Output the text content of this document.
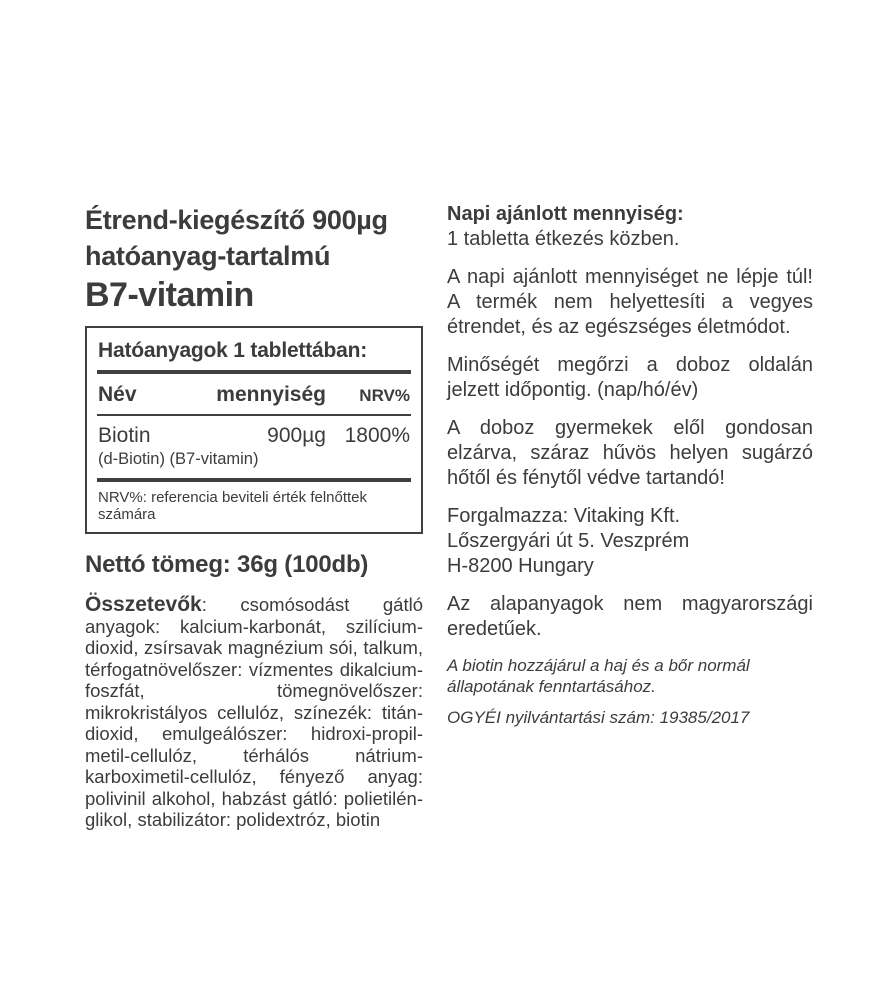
Étrend-kiegészítő 900µg
hatóanyag-tartalmú
B7-vitamin
Hatóanyagok 1 tablettában:
Név	mennyiség	NRV%
Biotin	900µg 1800%
(d-Biotin) (B7-vitamin)
NRV%: referencia beviteli érték felnőttek számára
Nettó tömeg: 36g (100db)

Összetevők: csomósodást gátló anyagok: kalcium-karbonát, szilícium-dioxid, zsírsavak magnézium sói, talkum, térfogatnövelőszer: vízmentes dikalcium-foszfát, tömegnövelőszer: mikrokristályos cellulóz, színezék: titán-dioxid, emulgeálószer: hidroxi-propil-metil-cellulóz, térhálós nátrium-karboximetil-cellulóz, fényező anyag: polivinil alkohol, habzást gátló: polietilén-glikol, stabilizátor: polidextróz, biotin

Napi ajánlott mennyiség:
1 tabletta étkezés közben.

A napi ajánlott mennyiséget ne lépje túl! A termék nem helyettesíti a vegyes étrendet, és az egészséges életmódot.

Minőségét megőrzi a doboz oldalán jelzett időpontig. (nap/hó/év)

A doboz gyermekek elől gondosan elzárva, száraz hűvös helyen sugárzó hőtől és fénytől védve tartandó!

Forgalmazza: Vitaking Kft.
Lőszergyári út 5. Veszprém
H-8200 Hungary

Az alapanyagok nem magyarországi eredetűek.

A biotin hozzájárul a haj és a bőr normál állapotának fenntartásához.

OGYÉI nyilvántartási szám: 19385/2017
